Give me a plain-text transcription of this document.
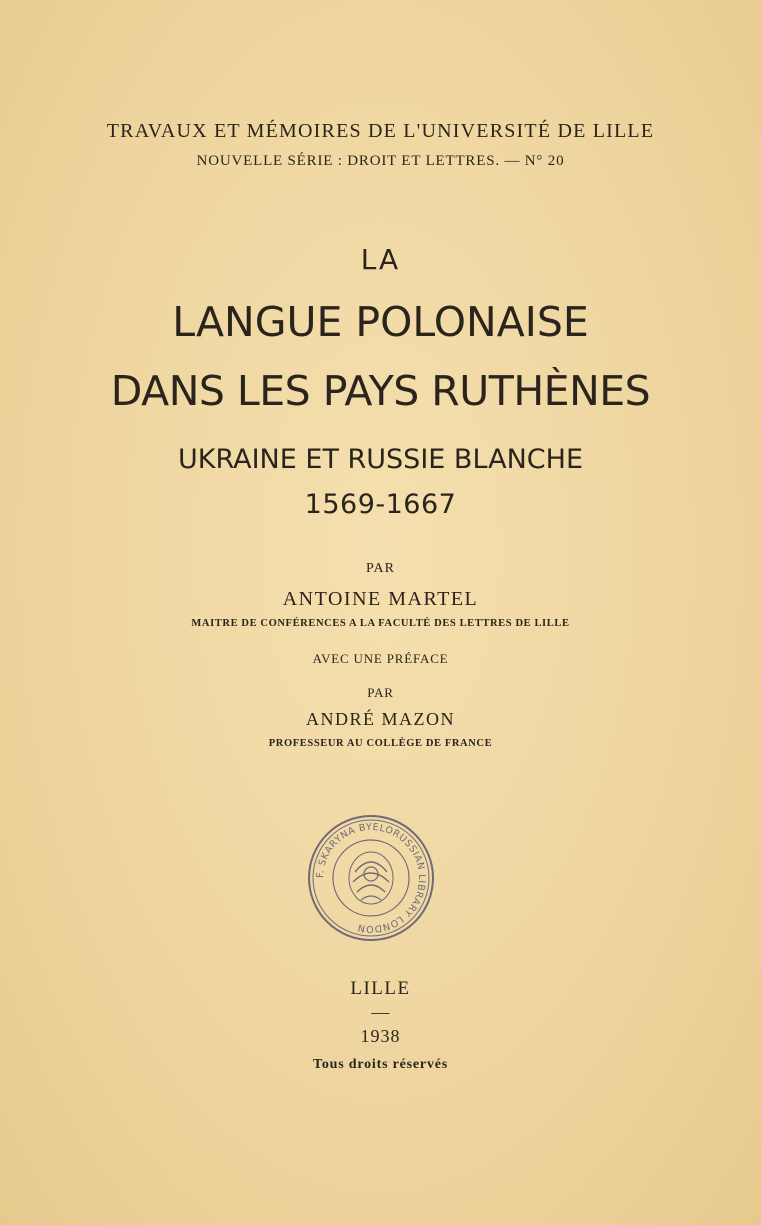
TRAVAUX ET MÉMOIRES DE L'UNIVERSITÉ DE LILLE
NOUVELLE SÉRIE : DROIT ET LETTRES. — N° 20
LA
LANGUE POLONAISE
DANS LES PAYS RUTHÈNES
UKRAINE ET RUSSIE BLANCHE
1569-1667
PAR
ANTOINE MARTEL
MAITRE DE CONFÉRENCES A LA FACULTÉ DES LETTRES DE LILLE
AVEC UNE PRÉFACE
PAR
ANDRÉ MAZON
PROFESSEUR AU COLLÈGE DE FRANCE
F. SKARYNA BYELORUSSIAN LIBRARY LONDON
LILLE
—
1938
Tous droits réservés
